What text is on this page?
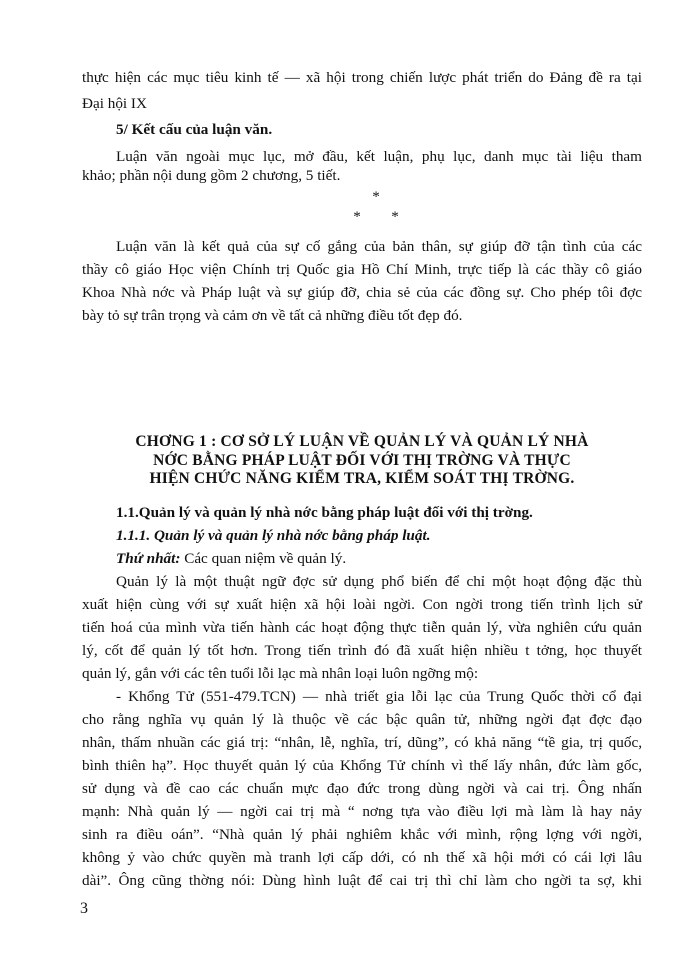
thực hiện các mục tiêu kinh tế — xã hội trong chiến lược phát triển do Đảng đề ra tại
Đại hội IX
5/ Kết cấu của luận văn.
Luận văn ngoài mục lục, mở đầu, kết luận, phụ lục, danh mục tài liệu tham
khảo; phần nội dung gồm 2 chương, 5 tiết.
*
*        *
Luận văn là kết quả của sự cố gắng của bản thân, sự giúp đỡ tận tình của các
thầy cô giáo Học viện Chính trị Quốc gia Hồ Chí Minh, trực tiếp là các thầy cô giáo
Khoa Nhà nớc và Pháp luật và sự giúp đỡ, chia sẻ của các đồng sự. Cho phép tôi đợc
bày tỏ sự trân trọng và cảm ơn về tất cả những điều tốt đẹp đó.
CHƠNG 1 : CƠ SỞ LÝ LUẬN VỀ QUẢN LÝ VÀ QUẢN LÝ NHÀ
NỚC BẰNG PHÁP LUẬT ĐỐI VỚI THỊ TRỜNG VÀ THỰC
HIỆN CHỨC NĂNG KIỂM TRA, KIỂM SOÁT THỊ TRỜNG.
1.1.Quản lý và quản lý nhà nớc bằng pháp luật đối với thị trờng.
1.1.1. Quản lý và quản lý nhà nớc bằng pháp luật.
Thứ nhất: Các quan niệm về quản lý.
Quản lý là một thuật ngữ đợc sử dụng phổ biến để chỉ một hoạt động đặc thù
xuất hiện cùng với sự xuất hiện xã hội loài ngời. Con ngời trong tiến trình lịch sử
tiến hoá của mình vừa tiến hành các hoạt động thực tiễn quản lý, vừa nghiên cứu quản
lý, cốt để quản lý tốt hơn. Trong tiến trình đó đã xuất hiện nhiều t tởng, học thuyết
quản lý, gắn với các tên tuổi lỗi lạc mà nhân loại luôn ngỡng mộ:
- Khổng Tử (551-479.TCN) — nhà triết gia lỗi lạc của Trung Quốc thời cổ đại
cho rằng nghĩa vụ quản lý là thuộc về các bậc quân tử, những ngời đạt đợc đạo
nhân, thấm nhuần các giá trị: “nhân, lễ, nghĩa, trí, dũng”, có khả năng “tề gia, trị quốc,
bình thiên hạ”. Học thuyết quản lý của Khổng Tử chính vì thế lấy nhân, đức làm gốc,
sử dụng và đề cao các chuẩn mực đạo đức trong dùng ngời và cai trị. Ông nhấn
mạnh: Nhà quản lý — ngời cai trị mà “ nơng tựa vào điều lợi mà làm là hay nảy
sinh ra điều oán”. “Nhà quản lý phải nghiêm khắc với mình, rộng lợng với ngời,
không ỷ vào chức quyền mà tranh lợi cấp dới, có nh thế xã hội mới có cái lợi lâu
dài”. Ông cũng thờng nói: Dùng hình luật để cai trị thì chỉ làm cho ngời ta sợ, khi
3
